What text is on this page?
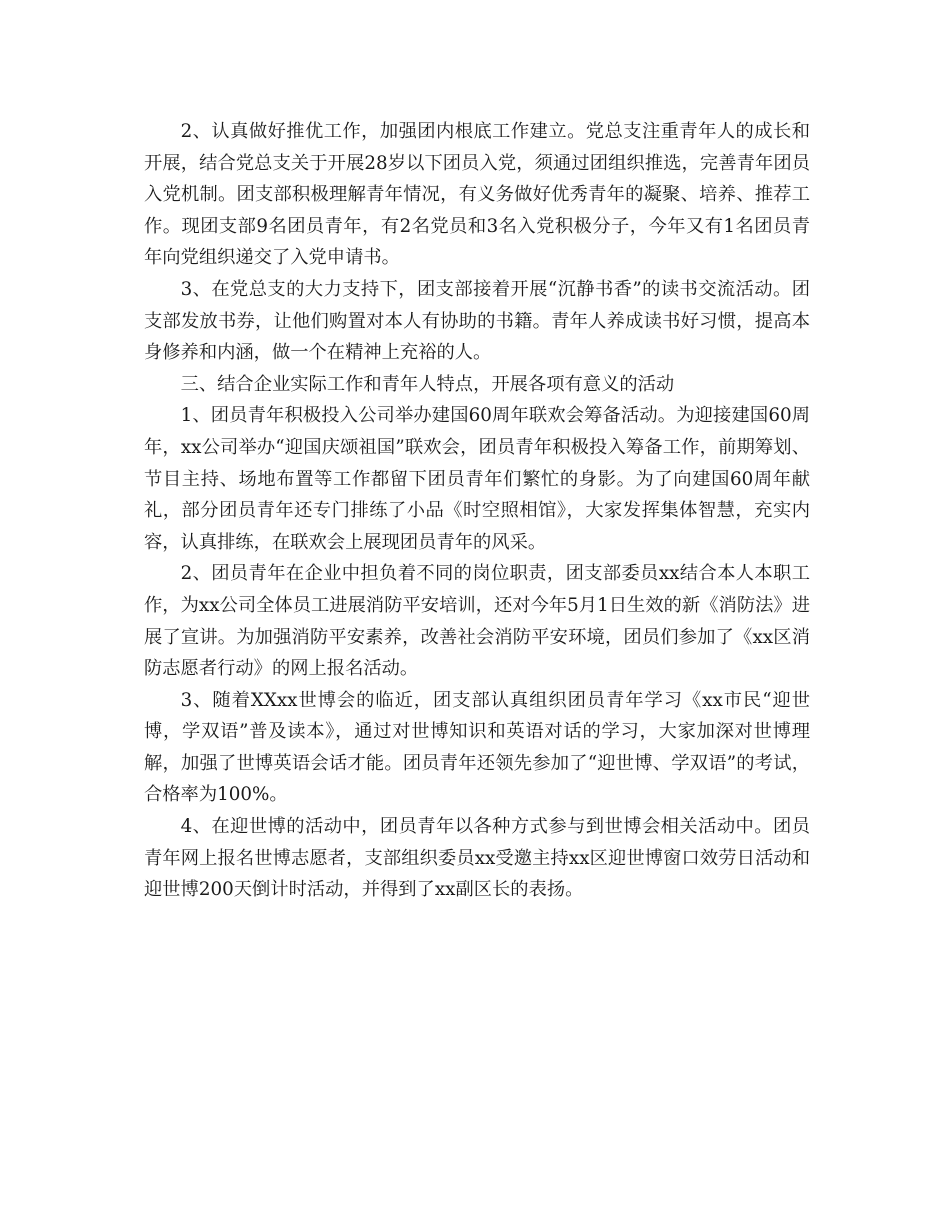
2、认真做好推优工作，加强团内根底工作建立。党总支注重青年人的成长和开展，结合党总支关于开展28岁以下团员入党，须通过团组织推选，完善青年团员入党机制。团支部积极理解青年情况，有义务做好优秀青年的凝聚、培养、推荐工作。现团支部9名团员青年，有2名党员和3名入党积极分子，今年又有1名团员青年向党组织递交了入党申请书。

3、在党总支的大力支持下，团支部接着开展“沉静书香”的读书交流活动。团支部发放书券，让他们购置对本人有协助的书籍。青年人养成读书好习惯，提高本身修养和内涵，做一个在精神上充裕的人。

三、结合企业实际工作和青年人特点，开展各项有意义的活动

1、团员青年积极投入公司举办建国60周年联欢会筹备活动。为迎接建国60周年，xx公司举办“迎国庆颂祖国”联欢会，团员青年积极投入筹备工作，前期筹划、节目主持、场地布置等工作都留下团员青年们繁忙的身影。为了向建国60周年献礼，部分团员青年还专门排练了小品《时空照相馆》，大家发挥集体智慧，充实内容，认真排练，在联欢会上展现团员青年的风采。

2、团员青年在企业中担负着不同的岗位职责，团支部委员xx结合本人本职工作，为xx公司全体员工进展消防平安培训，还对今年5月1日生效的新《消防法》进展了宣讲。为加强消防平安素养，改善社会消防平安环境，团员们参加了《xx区消防志愿者行动》的网上报名活动。

3、随着XXxx世博会的临近，团支部认真组织团员青年学习《xx市民“迎世博，学双语”普及读本》，通过对世博知识和英语对话的学习，大家加深对世博理解，加强了世博英语会话才能。团员青年还领先参加了“迎世博、学双语”的考试，合格率为100%。

4、在迎世博的活动中，团员青年以各种方式参与到世博会相关活动中。团员青年网上报名世博志愿者，支部组织委员xx受邀主持xx区迎世博窗口效劳日活动和迎世博200天倒计时活动，并得到了xx副区长的表扬。
